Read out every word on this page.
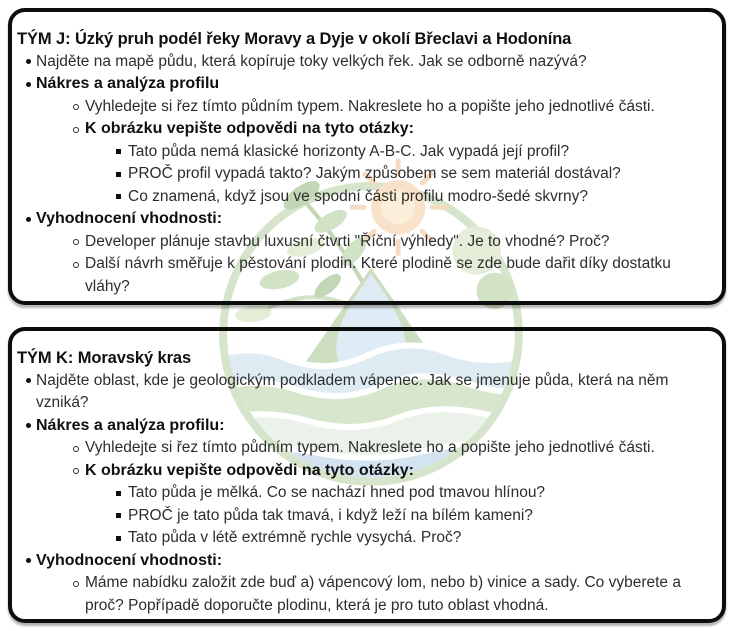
TÝM J: Úzký pruh podél řeky Moravy a Dyje v okolí Břeclavi a Hodonína
Najděte na mapě půdu, která kopíruje toky velkých řek. Jak se odborně nazývá?
Nákres a analýza profilu
Vyhledejte si řez tímto půdním typem. Nakreslete ho a popište jeho jednotlivé části.
K obrázku vepište odpovědi na tyto otázky:
Tato půda nemá klasické horizonty A-B-C. Jak vypadá její profil?
PROČ profil vypadá takto? Jakým způsobem se sem materiál dostával?
Co znamená, když jsou ve spodní části profilu modro-šedé skvrny?
Vyhodnocení vhodnosti:
Developer plánuje stavbu luxusní čtvrti "Říční výhledy". Je to vhodné? Proč?
Další návrh směřuje k pěstování plodin. Které plodině se zde bude dařit díky dostatku vláhy?
TÝM K: Moravský kras
Najděte oblast, kde je geologickým podkladem vápenec. Jak se jmenuje půda, která na něm vzniká?
Nákres a analýza profilu:
Vyhledejte si řez tímto půdním typem. Nakreslete ho a popište jeho jednotlivé části.
K obrázku vepište odpovědi na tyto otázky:
Tato půda je mělká. Co se nachází hned pod tmavou hlínou?
PROČ je tato půda tak tmavá, i když leží na bílém kameni?
Tato půda v létě extrémně rychle vysychá. Proč?
Vyhodnocení vhodnosti:
Máme nabídku založit zde buď a) vápencový lom, nebo b) vinice a sady. Co vyberete a proč? Popřípadě doporučte plodinu, která je pro tuto oblast vhodná.
